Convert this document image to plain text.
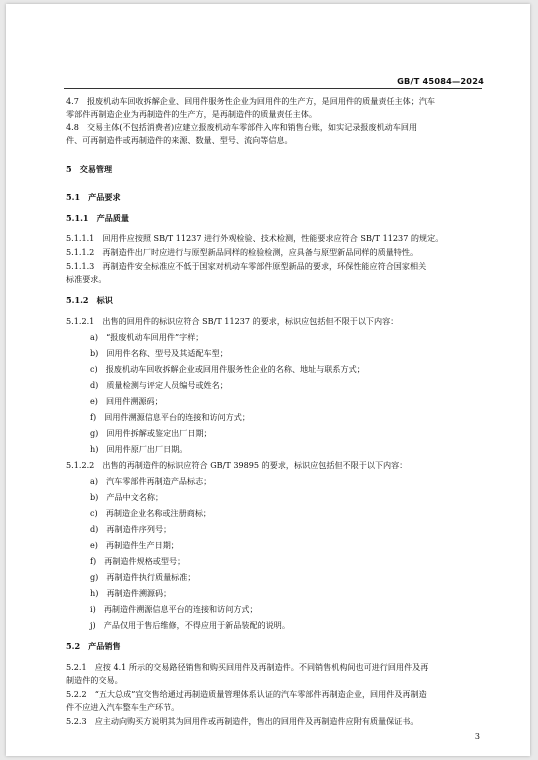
GB/T 45084—2024
4.7　报废机动车回收拆解企业、回用件服务性企业为回用件的生产方，是回用件的质量责任主体；汽车
零部件再制造企业为再制造件的生产方，是再制造件的质量责任主体。
4.8　交易主体(不包括消费者)应建立报废机动车零部件入库和销售台账，如实记录报废机动车回用
件、可再制造件或再制造件的来源、数量、型号、流向等信息。
5　交易管理
5.1　产品要求
5.1.1　产品质量
5.1.1.1　回用件应按照 SB/T 11237 进行外观检验、技术检测，性能要求应符合 SB/T 11237 的规定。
5.1.1.2　再制造件出厂时应进行与原型新品同样的检验检测，应具备与原型新品同样的质量特性。
5.1.1.3　再制造件安全标准应不低于国家对机动车零部件原型新品的要求，环保性能应符合国家相关
标准要求。
5.1.2　标识
5.1.2.1　出售的回用件的标识应符合 SB/T 11237 的要求，标识应包括但不限于以下内容：
a)　“报废机动车回用件”字样；
b)　回用件名称、型号及其适配车型；
c)　报废机动车回收拆解企业或回用件服务性企业的名称、地址与联系方式；
d)　质量检测与评定人员编号或姓名；
e)　回用件溯源码；
f)　回用件溯源信息平台的连接和访问方式；
g)　回用件拆解或鉴定出厂日期；
h)　回用件原厂出厂日期。
5.1.2.2　出售的再制造件的标识应符合 GB/T 39895 的要求，标识应包括但不限于以下内容：
a)　汽车零部件再制造产品标志；
b)　产品中文名称；
c)　再制造企业名称或注册商标；
d)　再制造件序列号；
e)　再制造件生产日期；
f)　再制造件规格或型号；
g)　再制造件执行质量标准；
h)　再制造件溯源码；
i)　再制造件溯源信息平台的连接和访问方式；
j)　产品仅用于售后维修，不得应用于新品装配的说明。
5.2　产品销售
5.2.1　应按 4.1 所示的交易路径销售和购买回用件及再制造件。不同销售机构间也可进行回用件及再
制造件的交易。
5.2.2　“五大总成”宜交售给通过再制造质量管理体系认证的汽车零部件再制造企业，回用件及再制造
件不应进入汽车整车生产环节。
5.2.3　应主动向购买方说明其为回用件或再制造件，售出的回用件及再制造件应附有质量保证书。
3
